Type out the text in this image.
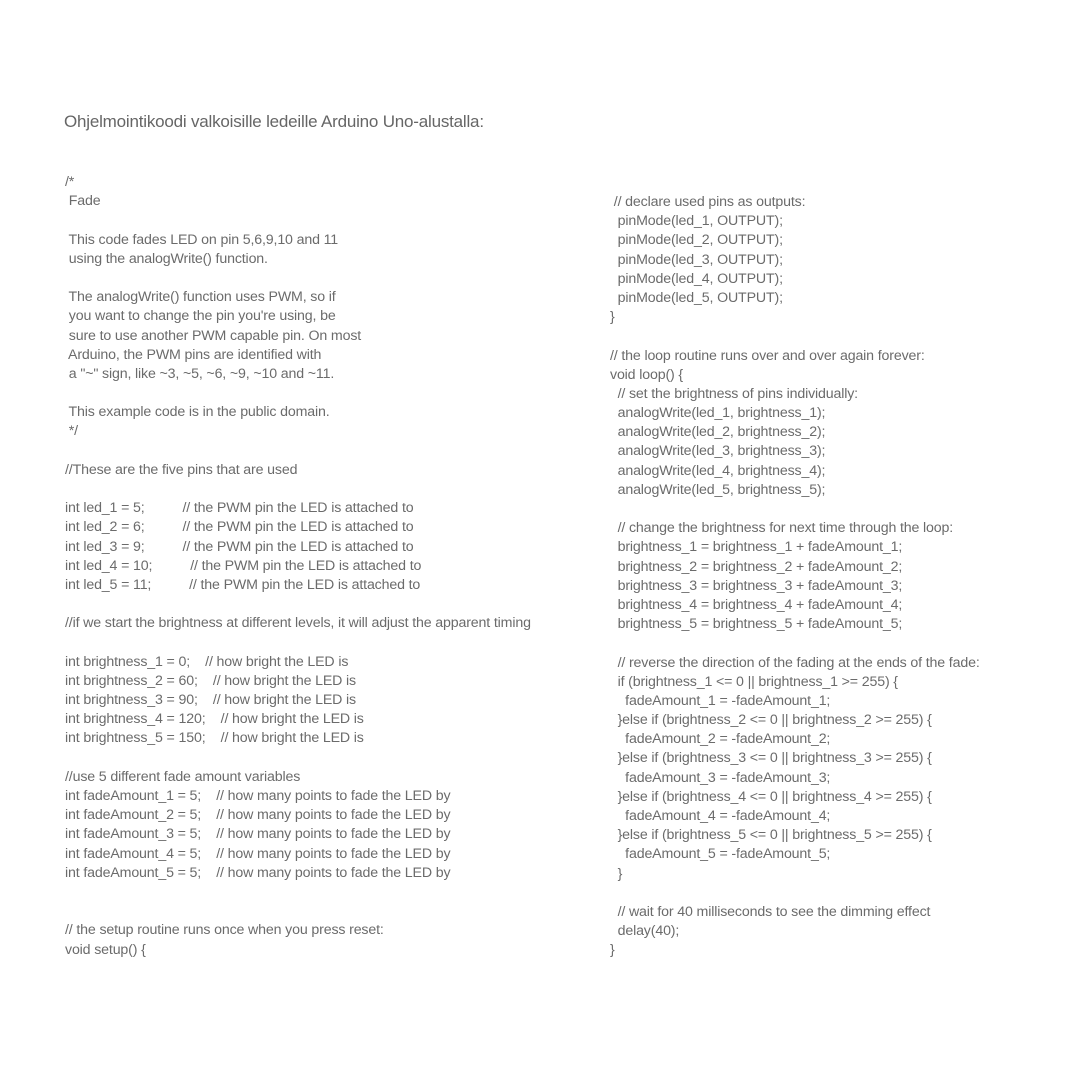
Ohjelmointikoodi valkoisille ledeille Arduino Uno-alustalla:
/*
Fade
This code fades LED on pin 5,6,9,10 and 11
using the analogWrite() function.
The analogWrite() function uses PWM, so if
you want to change the pin you're using, be
sure to use another PWM capable pin. On most
Arduino, the PWM pins are identified with
a "~" sign, like ~3, ~5, ~6, ~9, ~10 and ~11.
This example code is in the public domain.
*/
//These are the five pins that are used
int led_1 = 5;          // the PWM pin the LED is attached to
int led_2 = 6;          // the PWM pin the LED is attached to
int led_3 = 9;          // the PWM pin the LED is attached to
int led_4 = 10;          // the PWM pin the LED is attached to
int led_5 = 11;          // the PWM pin the LED is attached to
//if we start the brightness at different levels, it will adjust the apparent timing
int brightness_1 = 0;    // how bright the LED is
int brightness_2 = 60;    // how bright the LED is
int brightness_3 = 90;    // how bright the LED is
int brightness_4 = 120;    // how bright the LED is
int brightness_5 = 150;    // how bright the LED is
//use 5 different fade amount variables
int fadeAmount_1 = 5;    // how many points to fade the LED by
int fadeAmount_2 = 5;    // how many points to fade the LED by
int fadeAmount_3 = 5;    // how many points to fade the LED by
int fadeAmount_4 = 5;    // how many points to fade the LED by
int fadeAmount_5 = 5;    // how many points to fade the LED by
// the setup routine runs once when you press reset:
void setup() {
// declare used pins as outputs:
pinMode(led_1, OUTPUT);
pinMode(led_2, OUTPUT);
pinMode(led_3, OUTPUT);
pinMode(led_4, OUTPUT);
pinMode(led_5, OUTPUT);
}
// the loop routine runs over and over again forever:
void loop() {
// set the brightness of pins individually:
analogWrite(led_1, brightness_1);
analogWrite(led_2, brightness_2);
analogWrite(led_3, brightness_3);
analogWrite(led_4, brightness_4);
analogWrite(led_5, brightness_5);
// change the brightness for next time through the loop:
brightness_1 = brightness_1 + fadeAmount_1;
brightness_2 = brightness_2 + fadeAmount_2;
brightness_3 = brightness_3 + fadeAmount_3;
brightness_4 = brightness_4 + fadeAmount_4;
brightness_5 = brightness_5 + fadeAmount_5;
// reverse the direction of the fading at the ends of the fade:
if (brightness_1 <= 0 || brightness_1 >= 255) {
fadeAmount_1 = -fadeAmount_1;
}else if (brightness_2 <= 0 || brightness_2 >= 255) {
fadeAmount_2 = -fadeAmount_2;
}else if (brightness_3 <= 0 || brightness_3 >= 255) {
fadeAmount_3 = -fadeAmount_3;
}else if (brightness_4 <= 0 || brightness_4 >= 255) {
fadeAmount_4 = -fadeAmount_4;
}else if (brightness_5 <= 0 || brightness_5 >= 255) {
fadeAmount_5 = -fadeAmount_5;
}
// wait for 40 milliseconds to see the dimming effect
delay(40);
}
